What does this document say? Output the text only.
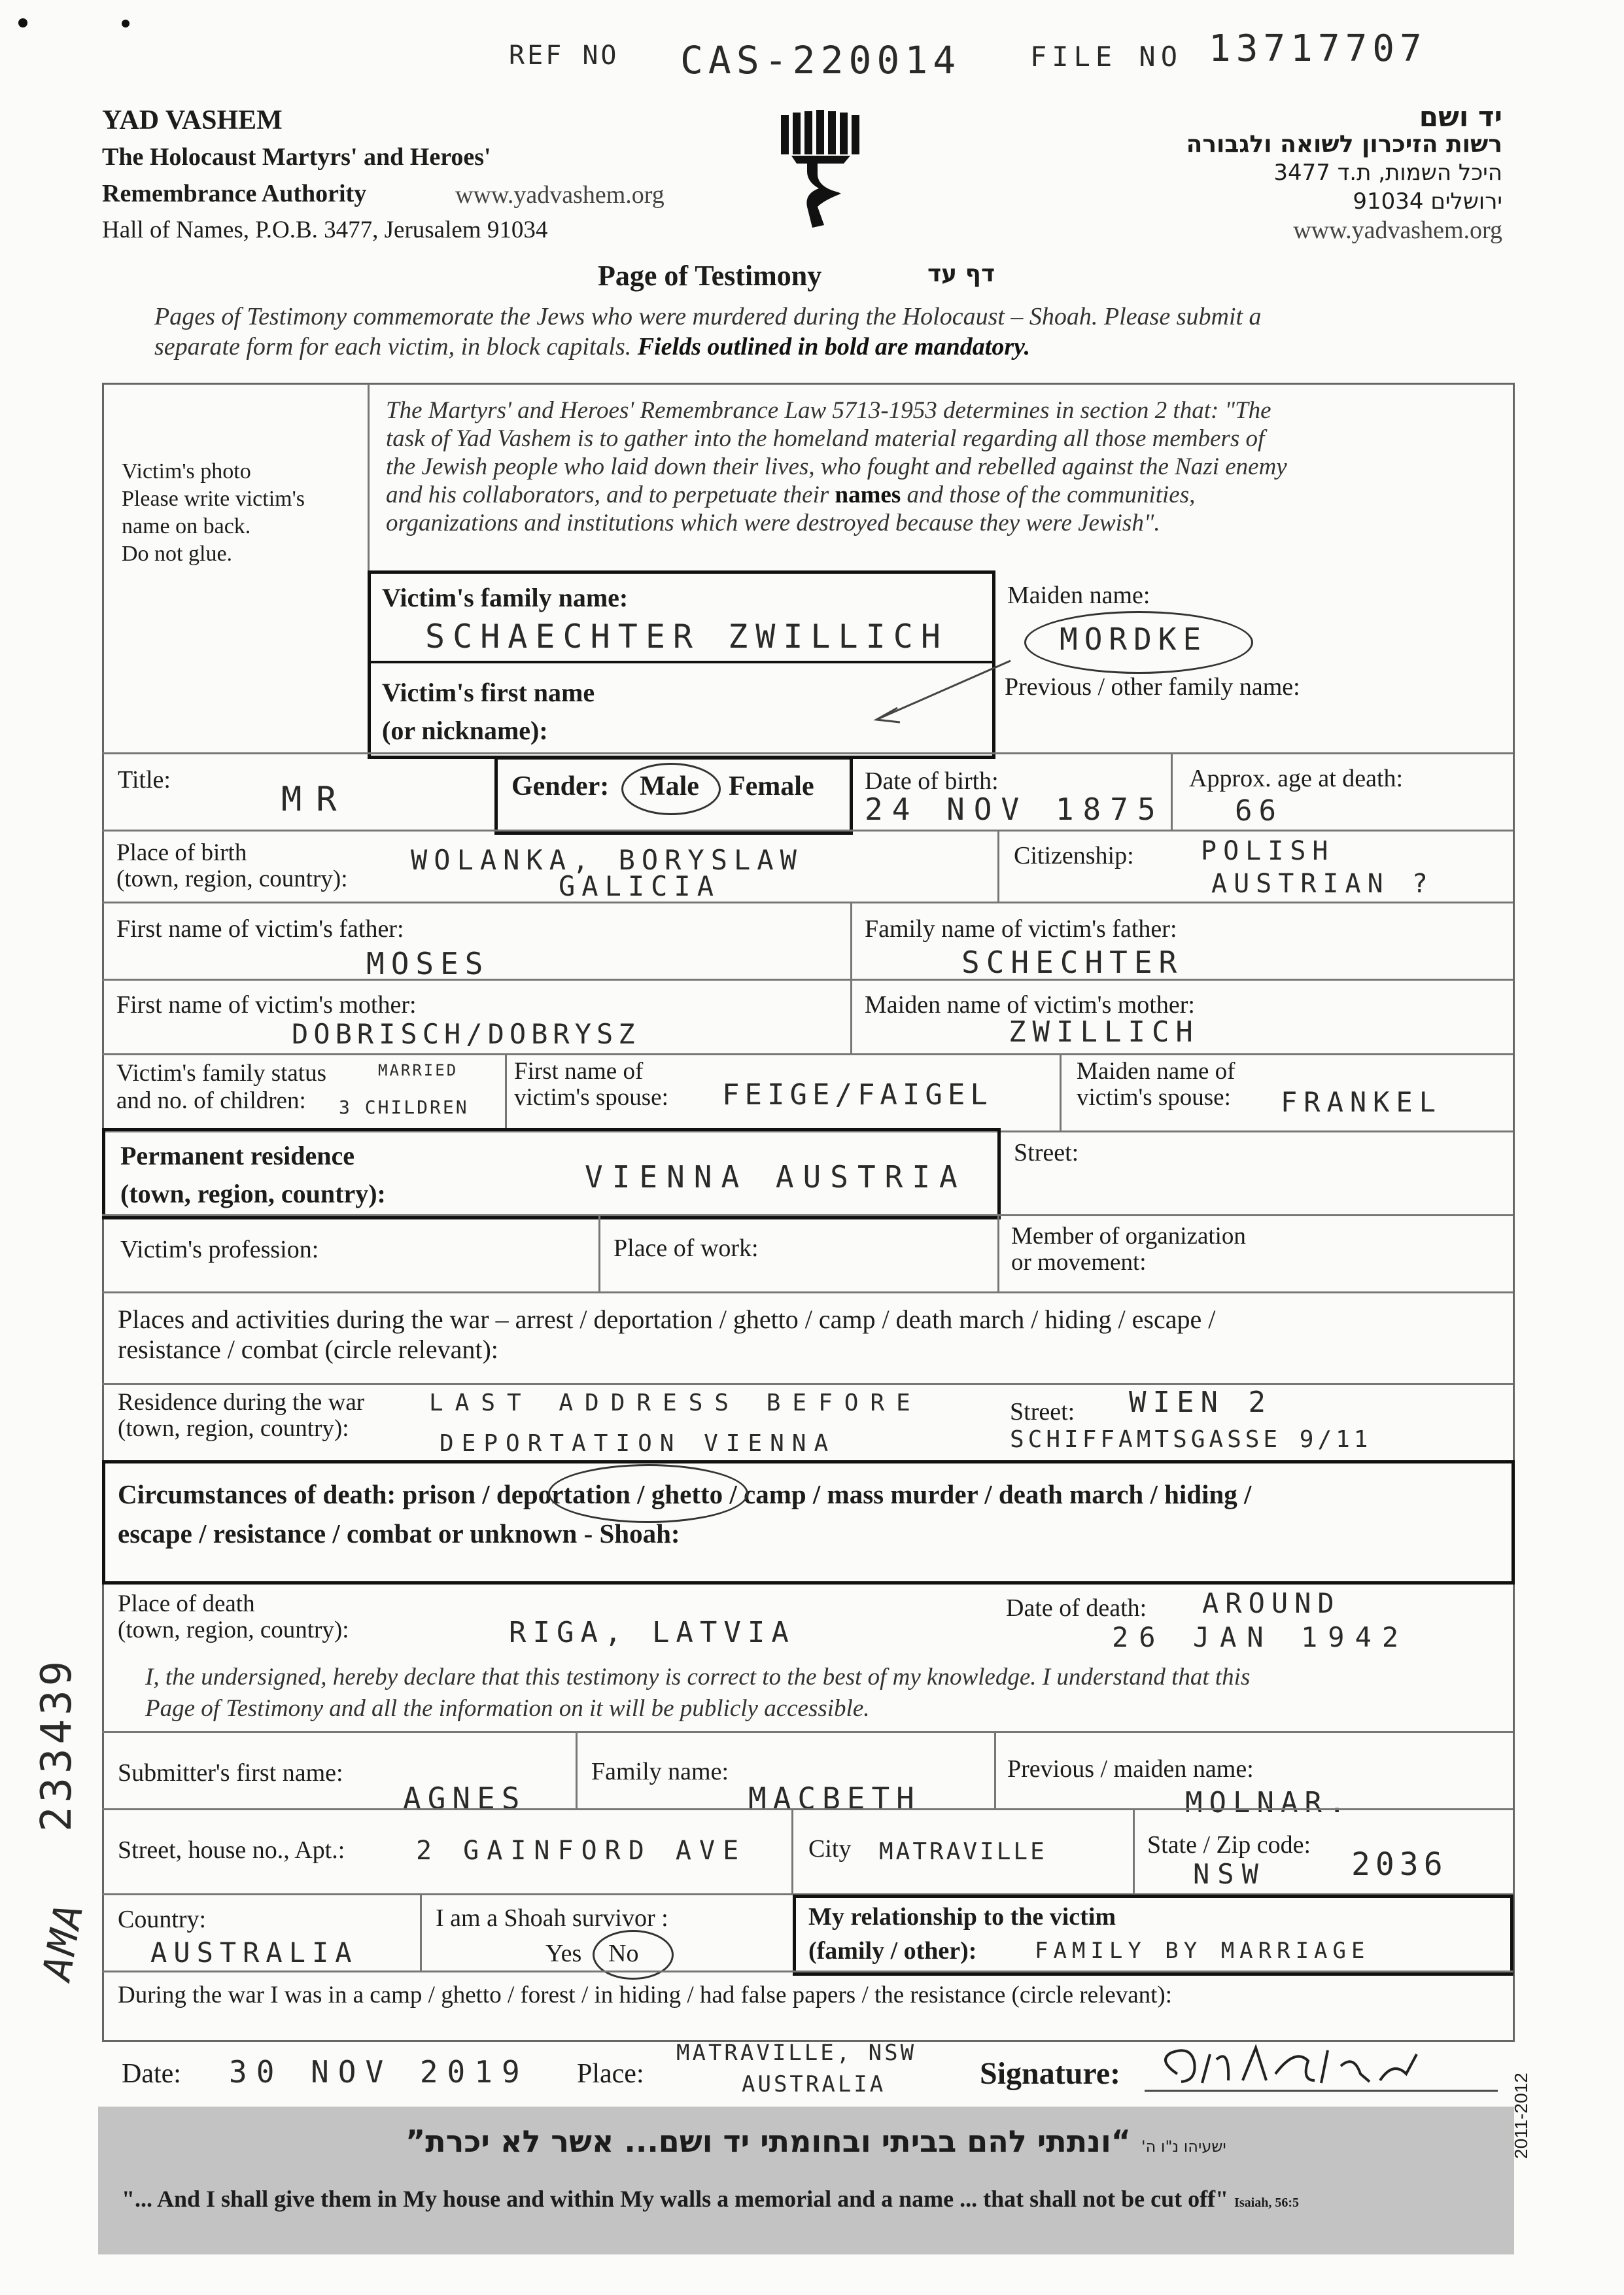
REF NO CAS-220014	FILE NO 13717707
YAD VASHEM
The Holocaust Martyrs' and Heroes'
Remembrance Authority	www.yadvashem.org
Hall of Names, P.O.B. 3477, Jerusalem 91034
יד ושם
רשות הזיכרון לשואה ולגבורה
היכל השמות, ת.ד 3477
ירושלים 91034
www.yadvashem.org
Page of Testimony	דף עד
Pages of Testimony commemorate the Jews who were murdered during the Holocaust – Shoah. Please submit a
separate form for each victim, in block capitals. Fields outlined in bold are mandatory.
Victim's photo
Please write victim's
name on back.
Do not glue.
The Martyrs' and Heroes' Remembrance Law 5713-1953 determines in section 2 that: "The
task of Yad Vashem is to gather into the homeland material regarding all those members of
the Jewish people who laid down their lives, who fought and rebelled against the Nazi enemy
and his collaborators, and to perpetuate their names and those of the communities,
organizations and institutions which were destroyed because they were Jewish".
Victim's family name:
SCHAECHTER ZWILLICH
Victim's first name
(or nickname):
Maiden name:
MORDKE
Previous / other family name:
Title:	MR	Gender: Male Female Date of birth:
24 NOV 1875
Approx. age at death:
66
Place of birth
(town, region, country):
WOLANKA, BORYSLAW
GALICIA
Citizenship:	POLISH
AUSTRIAN ?
First name of victim's father:
MOSES
Family name of victim's father:
SCHECHTER
First name of victim's mother:
DOBRISCH/DOBRYSZ
Maiden name of victim's mother:
ZWILLICH
Victim's family status
and no. of children:
MARRIED
3 CHILDREN
First name of
victim's spouse: FEIGE/FAIGEL
Maiden name of
victim's spouse: FRANKEL
Permanent residence
(town, region, country):	VIENNA AUSTRIA
Street:
Victim's profession:	Place of work:	Member of organization
or movement:
Places and activities during the war – arrest / deportation / ghetto / camp / death march / hiding / escape /
resistance / combat (circle relevant):
Residence during the war
(town, region, country):
LAST ADDRESS BEFORE
DEPORTATION VIENNA
Street: WIEN 2
SCHIFFAMTSGASSE 9/11
Circumstances of death: prison / deportation / ghetto / camp / mass murder / death march / hiding /
escape / resistance / combat or unknown - Shoah:
Place of death
(town, region, country):	RIGA, LATVIA
Date of death: AROUND
26 JAN 1942
I, the undersigned, hereby declare that this testimony is correct to the best of my knowledge. I understand that this
Page of Testimony and all the information on it will be publicly accessible.
Submitter's first name:
AGNES
Family name:
MACBETH
Previous / maiden name:
MOLNAR.
Street, house no., Apt.:	2 GAINFORD AVE City MATRAVILLE	State / Zip code:
NSW	2036
Country:
AUSTRALIA
I am a Shoah survivor :
Yes No
My relationship to the victim
(family / other):	FAMILY BY MARRIAGE
During the war I was in a camp / ghetto / forest / in hiding / had false papers / the resistance (circle relevant):
Date: 30 NOV 2019 Place:
MATRAVILLE, NSW
AUSTRALIA	Signature:
ישעיהו נ"ו ה' “ונתתי להם בביתי ובחומתי יד ושם... אשר לא יכרת”
"... And I shall give them in My house and within My walls a memorial and a name ... that shall not be cut off" Isaiah, 56:5
2011-2012
233439
AMA
